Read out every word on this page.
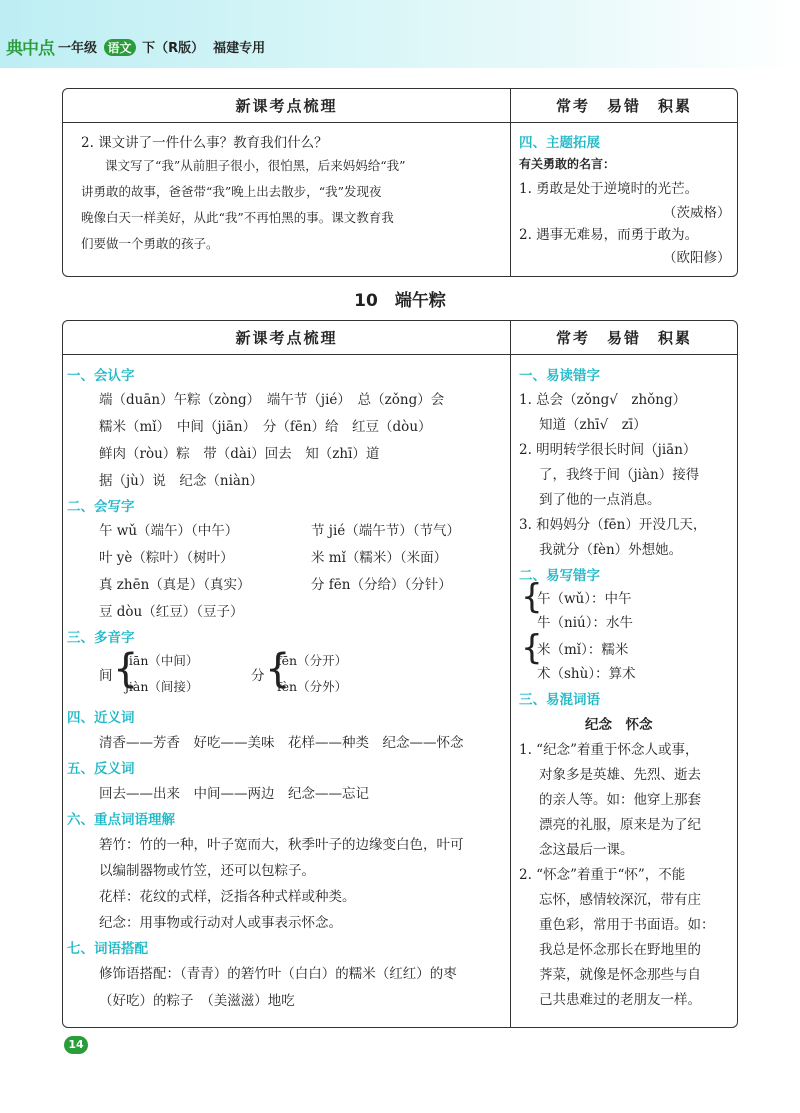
典中点 一年级 语文 下（R版） 福建专用
新课考点梳理	常考　易错　积累
2. 课文讲了一件什么事？教育我们什么？
课文写了“我”从前胆子很小，很怕黑，后来妈妈给“我”
讲勇敢的故事，爸爸带“我”晚上出去散步，“我”发现夜
晚像白天一样美好，从此“我”不再怕黑的事。课文教育我
们要做一个勇敢的孩子。
四、主题拓展
有关勇敢的名言：
1. 勇敢是处于逆境时的光芒。
（茨威格）
2. 遇事无难易，而勇于敢为。
（欧阳修）
10　端午粽
新课考点梳理	常考　易错　积累
一、会认字
端（duān）午粽（zòng）　端午节（jié）　总（zǒng）会
糯米（mǐ）　中间（jiān）　分（fēn）给　红豆（dòu）
鲜肉（ròu）粽　带（dài）回去　知（zhī）道
据（jù）说　纪念（niàn）
二、会写字
午 wǔ（端午）（中午）
叶 yè（粽叶）（树叶）
真 zhēn（真是）（真实）
豆 dòu（红豆）（豆子）
节 jié（端午节）（节气）
米 mǐ（糯米）（米面）
分 fēn（分给）（分针）
三、多音字
间 {
jiān（中间）
jiàn（间接）
分 {
fēn（分开）
fèn（分外）
四、近义词
清香——芳香　好吃——美味　花样——种类　纪念——怀念
五、反义词
回去——出来　中间——两边　纪念——忘记
六、重点词语理解
箬竹：竹的一种，叶子宽而大，秋季叶子的边缘变白色，叶可
以编制器物或竹笠，还可以包粽子。
花样：花纹的式样，泛指各种式样或种类。
纪念：用事物或行动对人或事表示怀念。
七、词语搭配
修饰语搭配：（青青）的箬竹叶（白白）的糯米（红红）的枣
（好吃）的粽子　（美滋滋）地吃
一、易读错字
1. 总会（zǒng√　zhǒng）
知道（zhī√　zī）
2. 明明转学很长时间（jiān）
了，我终于间（jiàn）接得
到了他的一点消息。
3. 和妈妈分（fēn）开没几天，
我就分（fèn）外想她。
二、易写错字
{
午（wǔ）：中午
牛（niú）：水牛
{
米（mǐ）：糯米
术（shù）：算术
三、易混词语
纪念　怀念
1. “纪念”着重于怀念人或事，
对象多是英雄、先烈、逝去
的亲人等。如：他穿上那套
漂亮的礼服，原来是为了纪
念这最后一课。
2. “怀念”着重于“怀”，不能
忘怀，感情较深沉，带有庄
重色彩，常用于书面语。如：
我总是怀念那长在野地里的
荠菜，就像是怀念那些与自
己共患难过的老朋友一样。
14
